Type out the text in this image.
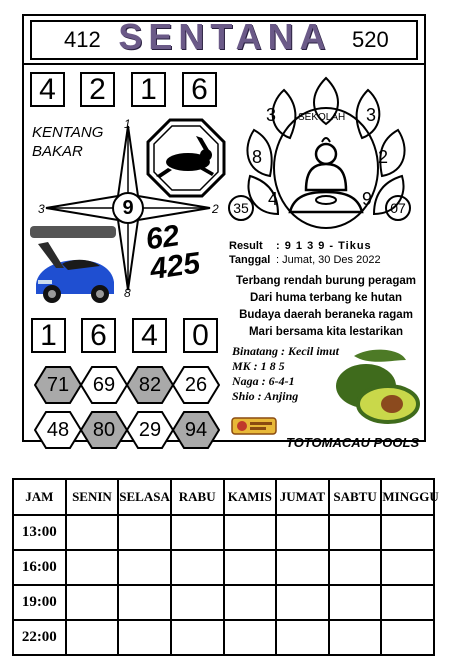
412 SENTANA 520
4	2	1	6
KENTANG
BAKAR
9
1
3	2
8
62
425
SEKOLAH
3	3
8	2
4	9
35	07
Result : 9 1 3 9 - Tikus
Tanggal : Jumat, 30 Des 2022
Terbang rendah burung peragam
Dari huma terbang ke hutan
Budaya daerah beraneka ragam
Mari bersama kita lestarikan
1	6	4	0	Binatang : Kecil imut
MK : 1 8 5
Naga : 6-4-1
Shio : Anjing
71	69	82	26
48	80	29	94
TOTOMACAU POOLS
JAM	SENIN	SELASA	RABU	KAMIS	JUMAT	SABTU	MINGGU
13:00							
16:00							
19:00							
22:00							
